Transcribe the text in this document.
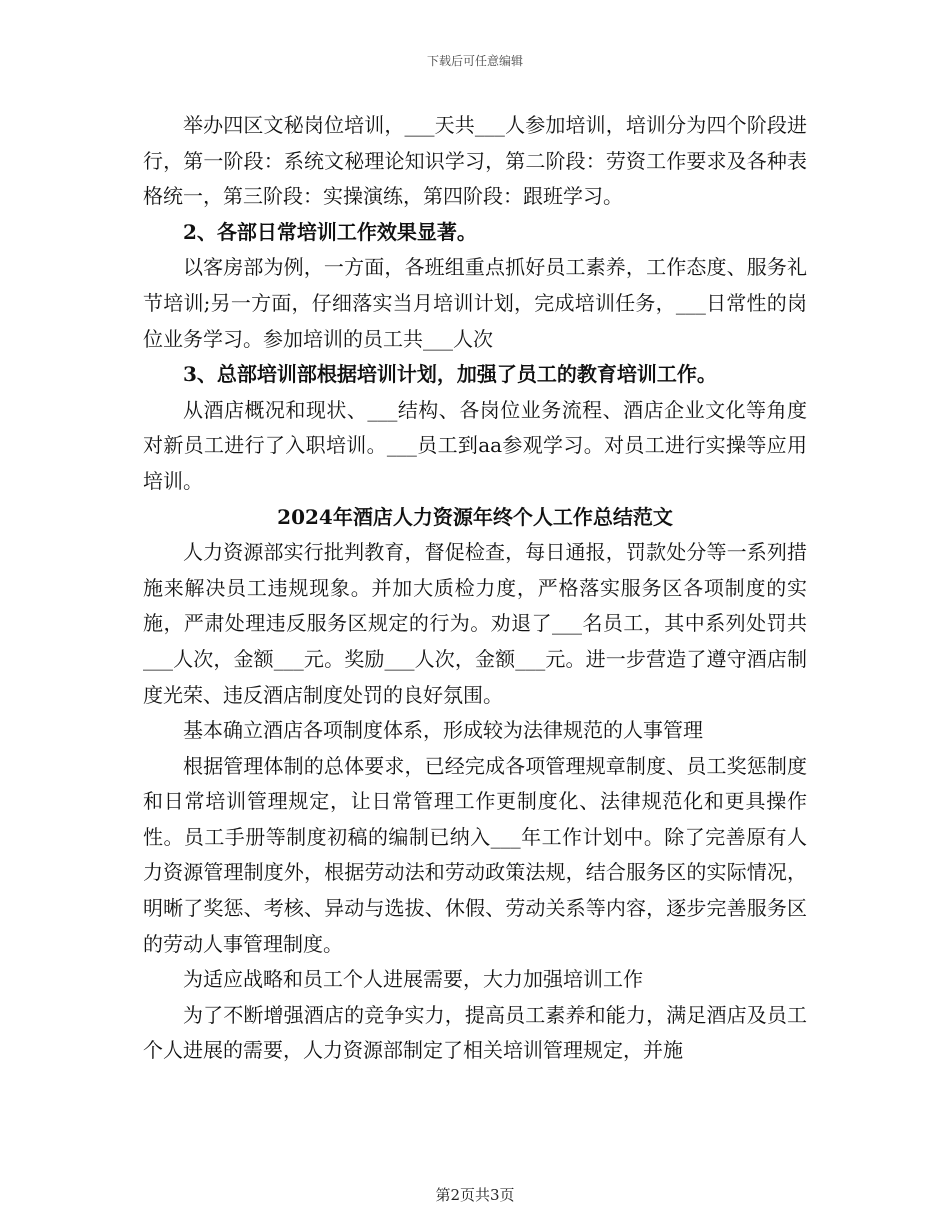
下载后可任意编辑

举办四区文秘岗位培训，___天共___人参加培训，培训分为四个阶段进行，第一阶段：系统文秘理论知识学习，第二阶段：劳资工作要求及各种表格统一，第三阶段：实操演练，第四阶段：跟班学习。

2、各部日常培训工作效果显著。

以客房部为例，一方面，各班组重点抓好员工素养，工作态度、服务礼节培训;另一方面，仔细落实当月培训计划，完成培训任务，___日常性的岗位业务学习。参加培训的员工共___人次

3、总部培训部根据培训计划，加强了员工的教育培训工作。

从酒店概况和现状、___结构、各岗位业务流程、酒店企业文化等角度对新员工进行了入职培训。___员工到aa参观学习。对员工进行实操等应用培训。

2024年酒店人力资源年终个人工作总结范文

人力资源部实行批判教育，督促检查，每日通报，罚款处分等一系列措施来解决员工违规现象。并加大质检力度，严格落实服务区各项制度的实施，严肃处理违反服务区规定的行为。劝退了___名员工，其中系列处罚共___人次，金额___元。奖励___人次，金额___元。进一步营造了遵守酒店制度光荣、违反酒店制度处罚的良好氛围。

基本确立酒店各项制度体系，形成较为法律规范的人事管理

根据管理体制的总体要求，已经完成各项管理规章制度、员工奖惩制度和日常培训管理规定，让日常管理工作更制度化、法律规范化和更具操作性。员工手册等制度初稿的编制已纳入___年工作计划中。除了完善原有人力资源管理制度外，根据劳动法和劳动政策法规，结合服务区的实际情况，明晰了奖惩、考核、异动与选拔、休假、劳动关系等内容，逐步完善服务区的劳动人事管理制度。

为适应战略和员工个人进展需要，大力加强培训工作

为了不断增强酒店的竞争实力，提高员工素养和能力，满足酒店及员工个人进展的需要，人力资源部制定了相关培训管理规定，并施

第2页共3页
